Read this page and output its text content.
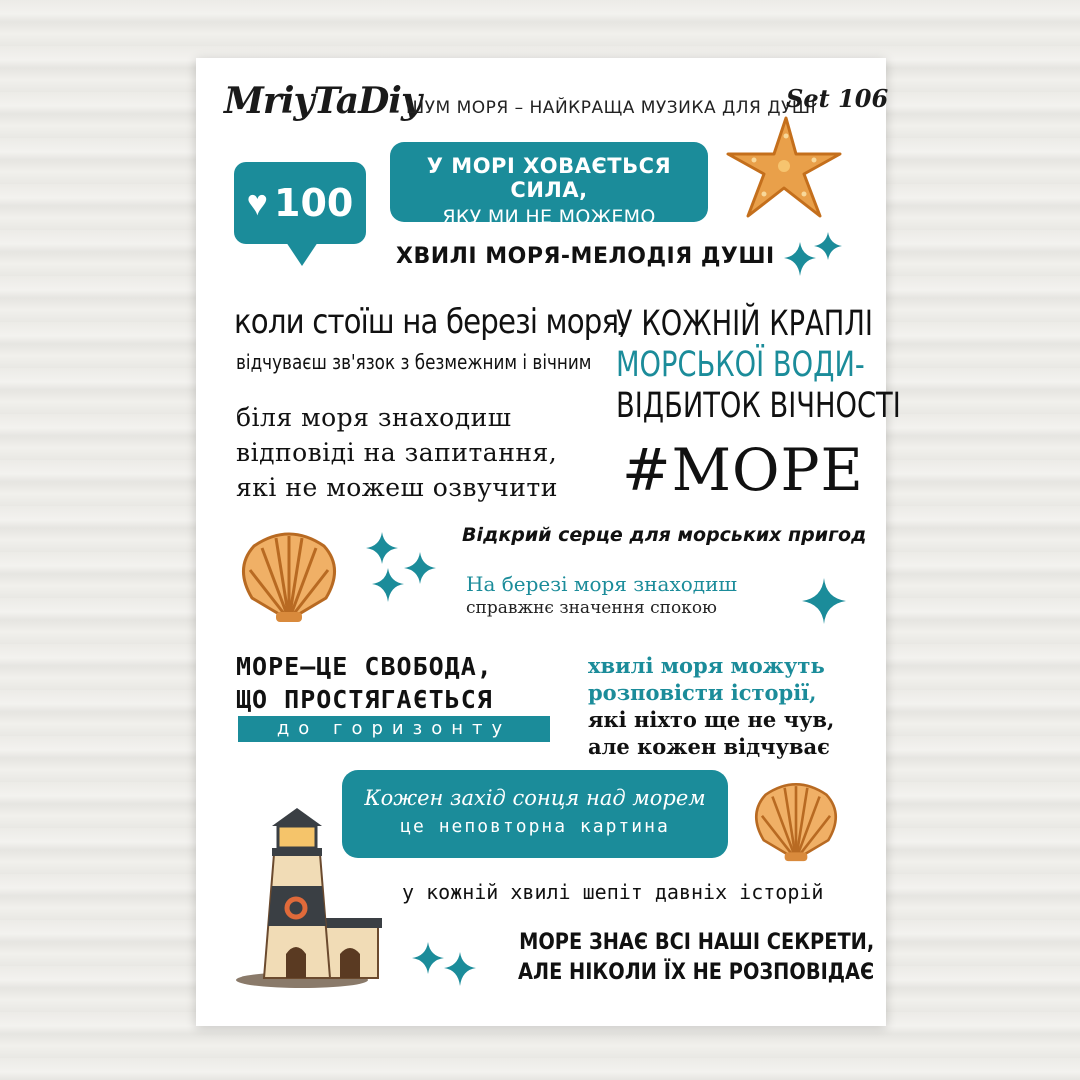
MriyTaDiy
ШУМ МОРЯ – НАЙКРАЩА МУЗИКА ДЛЯ ДУШІ
Set 106
♥ 100
У МОРІ ХОВАЄТЬСЯ СИЛА,
ЯКУ МИ НЕ МОЖЕМО ОСЯГНУТИ
ХВИЛІ МОРЯ-МЕЛОДІЯ ДУШІ
коли стоїш на березі моря,
відчуваєш зв'язок з безмежним і вічним
У КОЖНІЙ КРАПЛІ
МОРСЬКОЇ ВОДИ-
ВІДБИТОК ВІЧНОСТІ
біля моря знаходиш
відповіді на запитання,
які не можеш озвучити #МОРЕ
Відкрий серце для морських пригод
На березі моря знаходиш
справжнє значення спокою
МОРЕ–ЦЕ СВОБОДА,
ЩО ПРОСТЯГАЄТЬСЯ
до горизонту
хвилі моря можуть
розповісти історії,
які ніхто ще не чув,
але кожен відчуває
Кожен захід сонця над морем
це неповторна картина
у кожній хвилі шепіт давніх історій
МОРЕ ЗНАЄ ВСІ НАШІ СЕКРЕТИ,
АЛЕ НІКОЛИ ЇХ НЕ РОЗПОВІДАЄ
